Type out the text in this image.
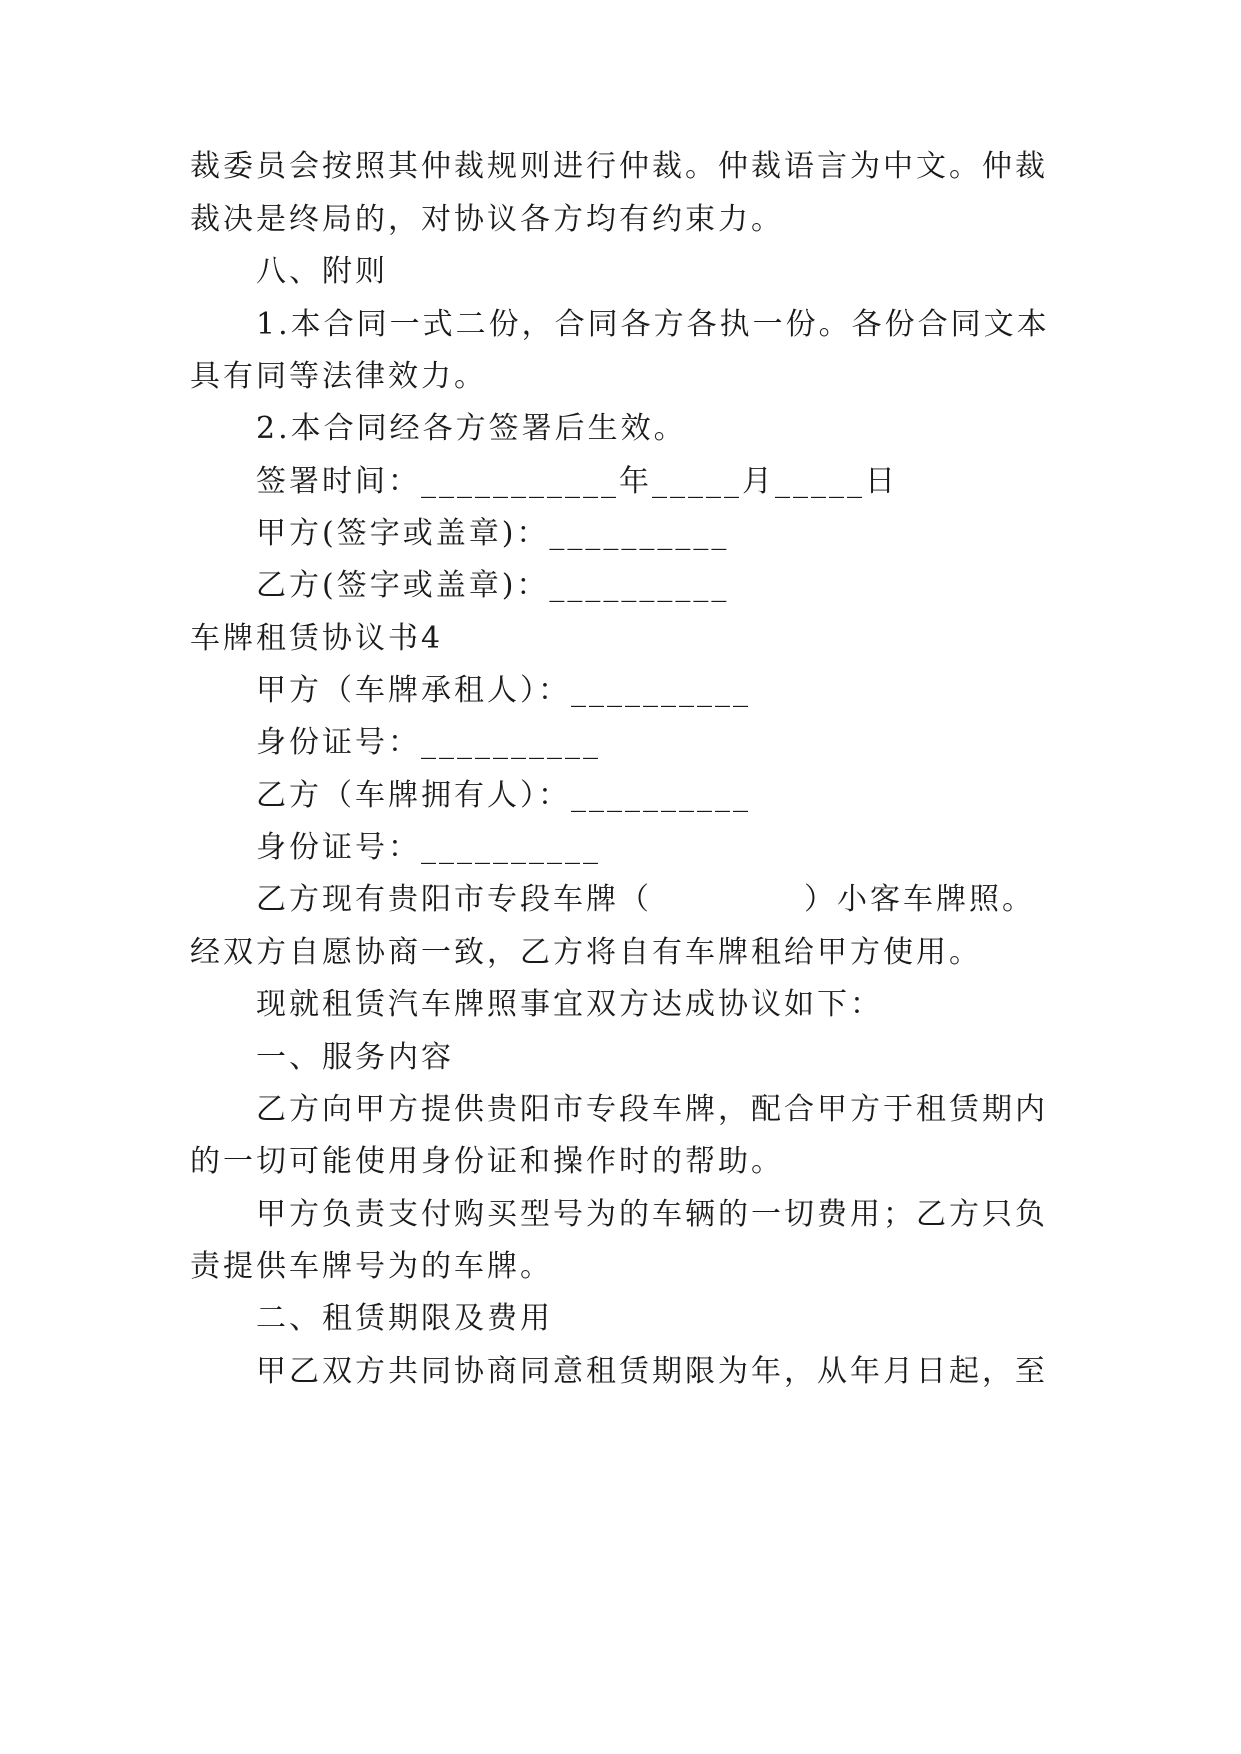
裁委员会按照其仲裁规则进行仲裁。仲裁语言为中文。仲裁
裁决是终局的，对协议各方均有约束力。
八、附则
1.本合同一式二份，合同各方各执一份。各份合同文本
具有同等法律效力。
2.本合同经各方签署后生效。
签署时间：___________年_____月_____日
甲方(签字或盖章)：__________
乙方(签字或盖章)：__________
车牌租赁协议书4
甲方（车牌承租人）：__________
身份证号：__________
乙方（车牌拥有人）：__________
身份证号：__________
乙方现有贵阳市专段车牌（	）小客车牌照。
经双方自愿协商一致，乙方将自有车牌租给甲方使用。
现就租赁汽车牌照事宜双方达成协议如下：
一、服务内容
乙方向甲方提供贵阳市专段车牌，配合甲方于租赁期内
的一切可能使用身份证和操作时的帮助。
甲方负责支付购买型号为的车辆的一切费用；乙方只负
责提供车牌号为的车牌。
二、租赁期限及费用
甲乙双方共同协商同意租赁期限为年，从年月日起，至
